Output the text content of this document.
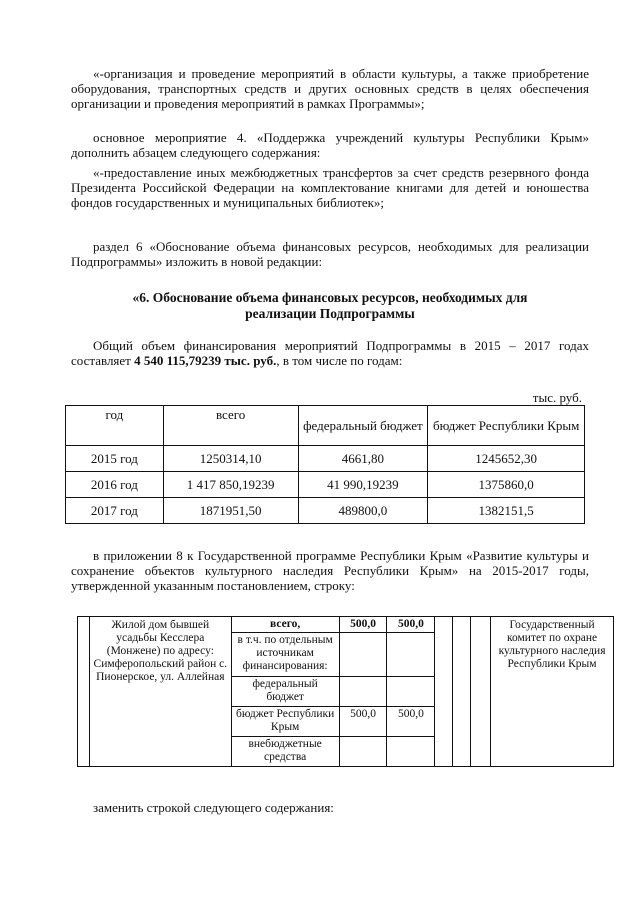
«-организация и проведение мероприятий в области культуры, а также приобретение оборудования, транспортных средств и других основных средств в целях обеспечения организации и проведения мероприятий в рамках Программы»;

основное мероприятие 4. «Поддержка учреждений культуры Республики Крым» дополнить абзацем следующего содержания:

«-предоставление иных межбюджетных трансфертов за счет средств резервного фонда Президента Российской Федерации на комплектование книгами для детей и юношества фондов государственных и муниципальных библиотек»;

раздел 6 «Обоснование объема финансовых ресурсов, необходимых для реализации Подпрограммы» изложить в новой редакции:

«6. Обоснование объема финансовых ресурсов, необходимых для
реализации Подпрограммы

Общий объем финансирования мероприятий Подпрограммы в 2015 – 2017 годах составляет 4 540 115,79239 тыс. руб., в том числе по годам:

тыс. руб.
год	всего	федеральный бюджет	бюджет Республики Крым
2015 год	1250314,10	4661,80	1245652,30
2016 год	1 417 850,19239	41 990,19239	1375860,0
2017 год	1871951,50	489800,0	1382151,5

в приложении 8 к Государственной программе Республики Крым «Развитие культуры и сохранение объектов культурного наследия Республики Крым» на 2015-2017 годы, утвержденной указанным постановлением, строку:

	Жилой дом бывшей усадьбы Кесслера (Монжене) по адресу: Симферопольский район с. Пионерское, ул. Аллейная	всего,	500,0	500,0				Государственный комитет по охране культурного наследия Республики Крым
		в т.ч. по отдельным источникам финансирования:						
		федеральный бюджет						
		бюджет Республики Крым	500,0	500,0				
		внебюджетные средства						

заменить строкой следующего содержания:
